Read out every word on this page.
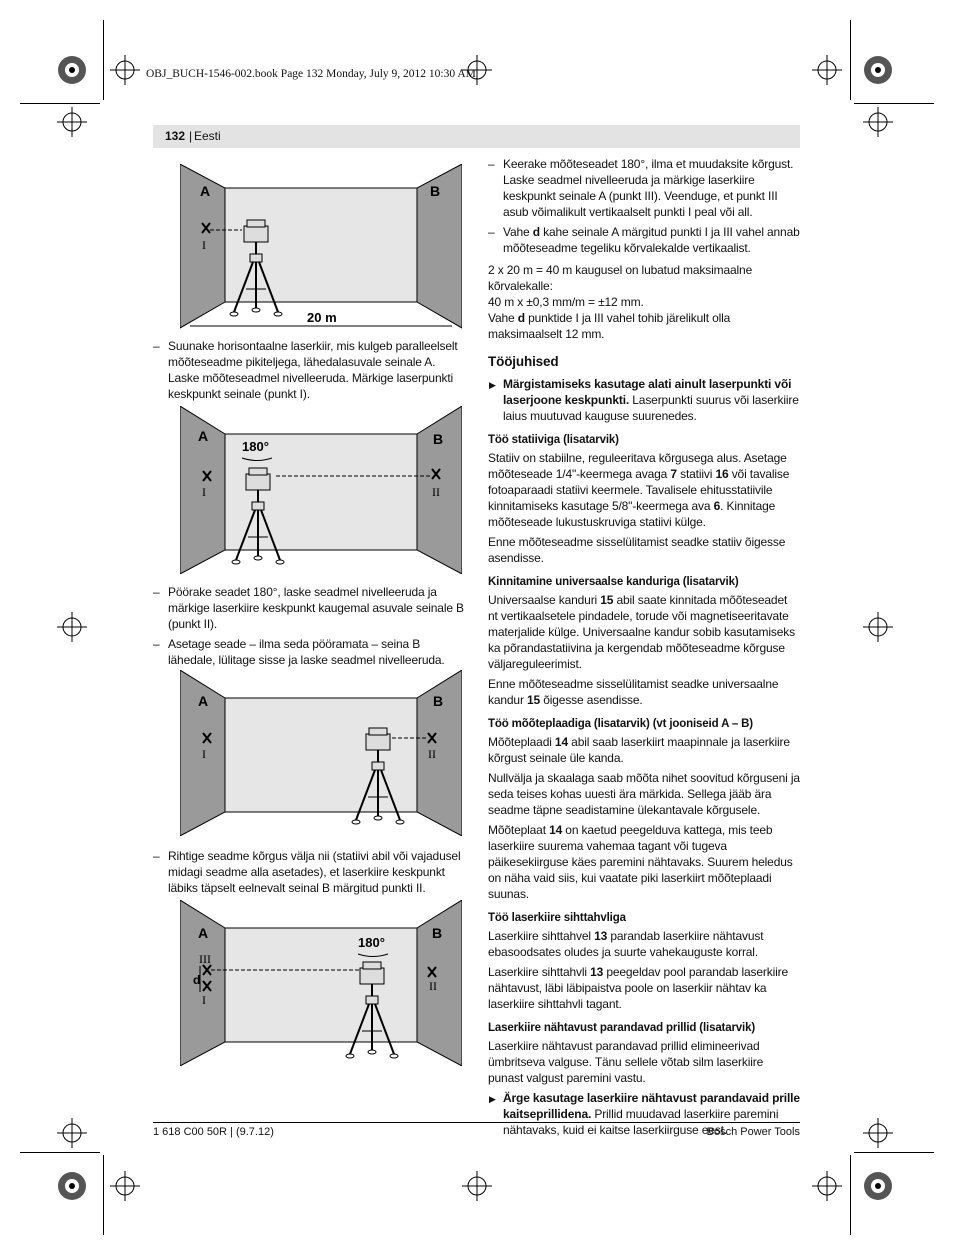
OBJ_BUCH-1546-002.book Page 132 Monday, July 9, 2012 10:30 AM
132 | Eesti
A	B
I
20 m

– Suunake horisontaalne laserkiir, mis kulgeb paralleelselt mõõteseadme pikiteljega, lähedalasuvale seinale A. Laske mõõteseadmel nivelleeruda. Märkige laserpunkti keskpunkt seinale (punkt I).

A	B
180°
I	II

– Pöörake seadet 180°, laske seadmel nivelleeruda ja märkige laserkiire keskpunkt kaugemal asuvale seinale B (punkt II).

– Asetage seade – ilma seda pööramata – seina B lähedale, lülitage sisse ja laske seadmel nivelleeruda.

A	B
I	II

– Rihtige seadme kõrgus välja nii (statiivi abil või vajadusel midagi seadme alla asetades), et laserkiire keskpunkt läbiks täpselt eelnevalt seinal B märgitud punkti II.

A	B
180°
III
d
I
II

– Keerake mõõteseadet 180°, ilma et muudaksite kõrgust. Laske seadmel nivelleeruda ja märkige laserkiire keskpunkt seinale A (punkt III). Veenduge, et punkt III asub võimalikult vertikaalselt punkti I peal või all.

– Vahe d kahe seinale A märgitud punkti I ja III vahel annab mõõteseadme tegeliku kõrvalekalde vertikaalist.

2 x 20 m = 40 m kaugusel on lubatud maksimaalne kõrvalekalle:

40 m x ±0,3 mm/m = ±12 mm.

Vahe d punktide I ja III vahel tohib järelikult olla maksimaalselt 12 mm.

Tööjuhised

▶ Märgistamiseks kasutage alati ainult laserpunkti või laserjoone keskpunkti. Laserpunkti suurus või laserkiire laius muutuvad kauguse suurenedes.

Töö statiiviga (lisatarvik)

Statiiv on stabiilne, reguleeritava kõrgusega alus. Asetage mõõteseade 1/4"-keermega avaga 7 statiivi 16 või tavalise fotoaparaadi statiivi keermele. Tavalisele ehitusstatiivile kinnitamiseks kasutage 5/8"-keermega ava 6. Kinnitage mõõteseade lukustuskruviga statiivi külge.

Enne mõõteseadme sisselülitamist seadke statiiv õigesse asendisse.

Kinnitamine universaalse kanduriga (lisatarvik)

Universaalse kanduri 15 abil saate kinnitada mõõteseadet nt vertikaalsetele pindadele, torude või magnetiseeritavate materjalide külge. Universaalne kandur sobib kasutamiseks ka põrandastatiivina ja kergendab mõõteseadme kõrguse väljareguleerimist.

Enne mõõteseadme sisselülitamist seadke universaalne kandur 15 õigesse asendisse.

Töö mõõteplaadiga (lisatarvik) (vt jooniseid A – B)

Mõõteplaadi 14 abil saab laserkiirt maapinnale ja laserkiire kõrgust seinale üle kanda.

Nullvälja ja skaalaga saab mõõta nihet soovitud kõrguseni ja seda teises kohas uuesti ära märkida. Sellega jääb ära seadme täpne seadistamine ülekantavale kõrgusele.

Mõõteplaat 14 on kaetud peegelduva kattega, mis teeb laserkiire suurema vahemaa tagant või tugeva päikesekiirguse käes paremini nähtavaks. Suurem heledus on näha vaid siis, kui vaatate piki laserkiirt mõõteplaadi suunas.

Töö laserkiire sihttahvliga

Laserkiire sihttahvel 13 parandab laserkiire nähtavust ebasoodsates oludes ja suurte vahekauguste korral.

Laserkiire sihttahvli 13 peegeldav pool parandab laserkiire nähtavust, läbi läbipaistva poole on laserkiir nähtav ka laserkiire sihttahvli tagant.

Laserkiire nähtavust parandavad prillid (lisatarvik)

Laserkiire nähtavust parandavad prillid elimineerivad ümbritseva valguse. Tänu sellele võtab silm laserkiire punast valgust paremini vastu.

▶ Ärge kasutage laserkiire nähtavust parandavaid prille kaitseprillidena. Prillid muudavad laserkiire paremini nähtavaks, kuid ei kaitse laserkiirguse eest.

1 618 C00 50R | (9.7.12)	Bosch Power Tools
